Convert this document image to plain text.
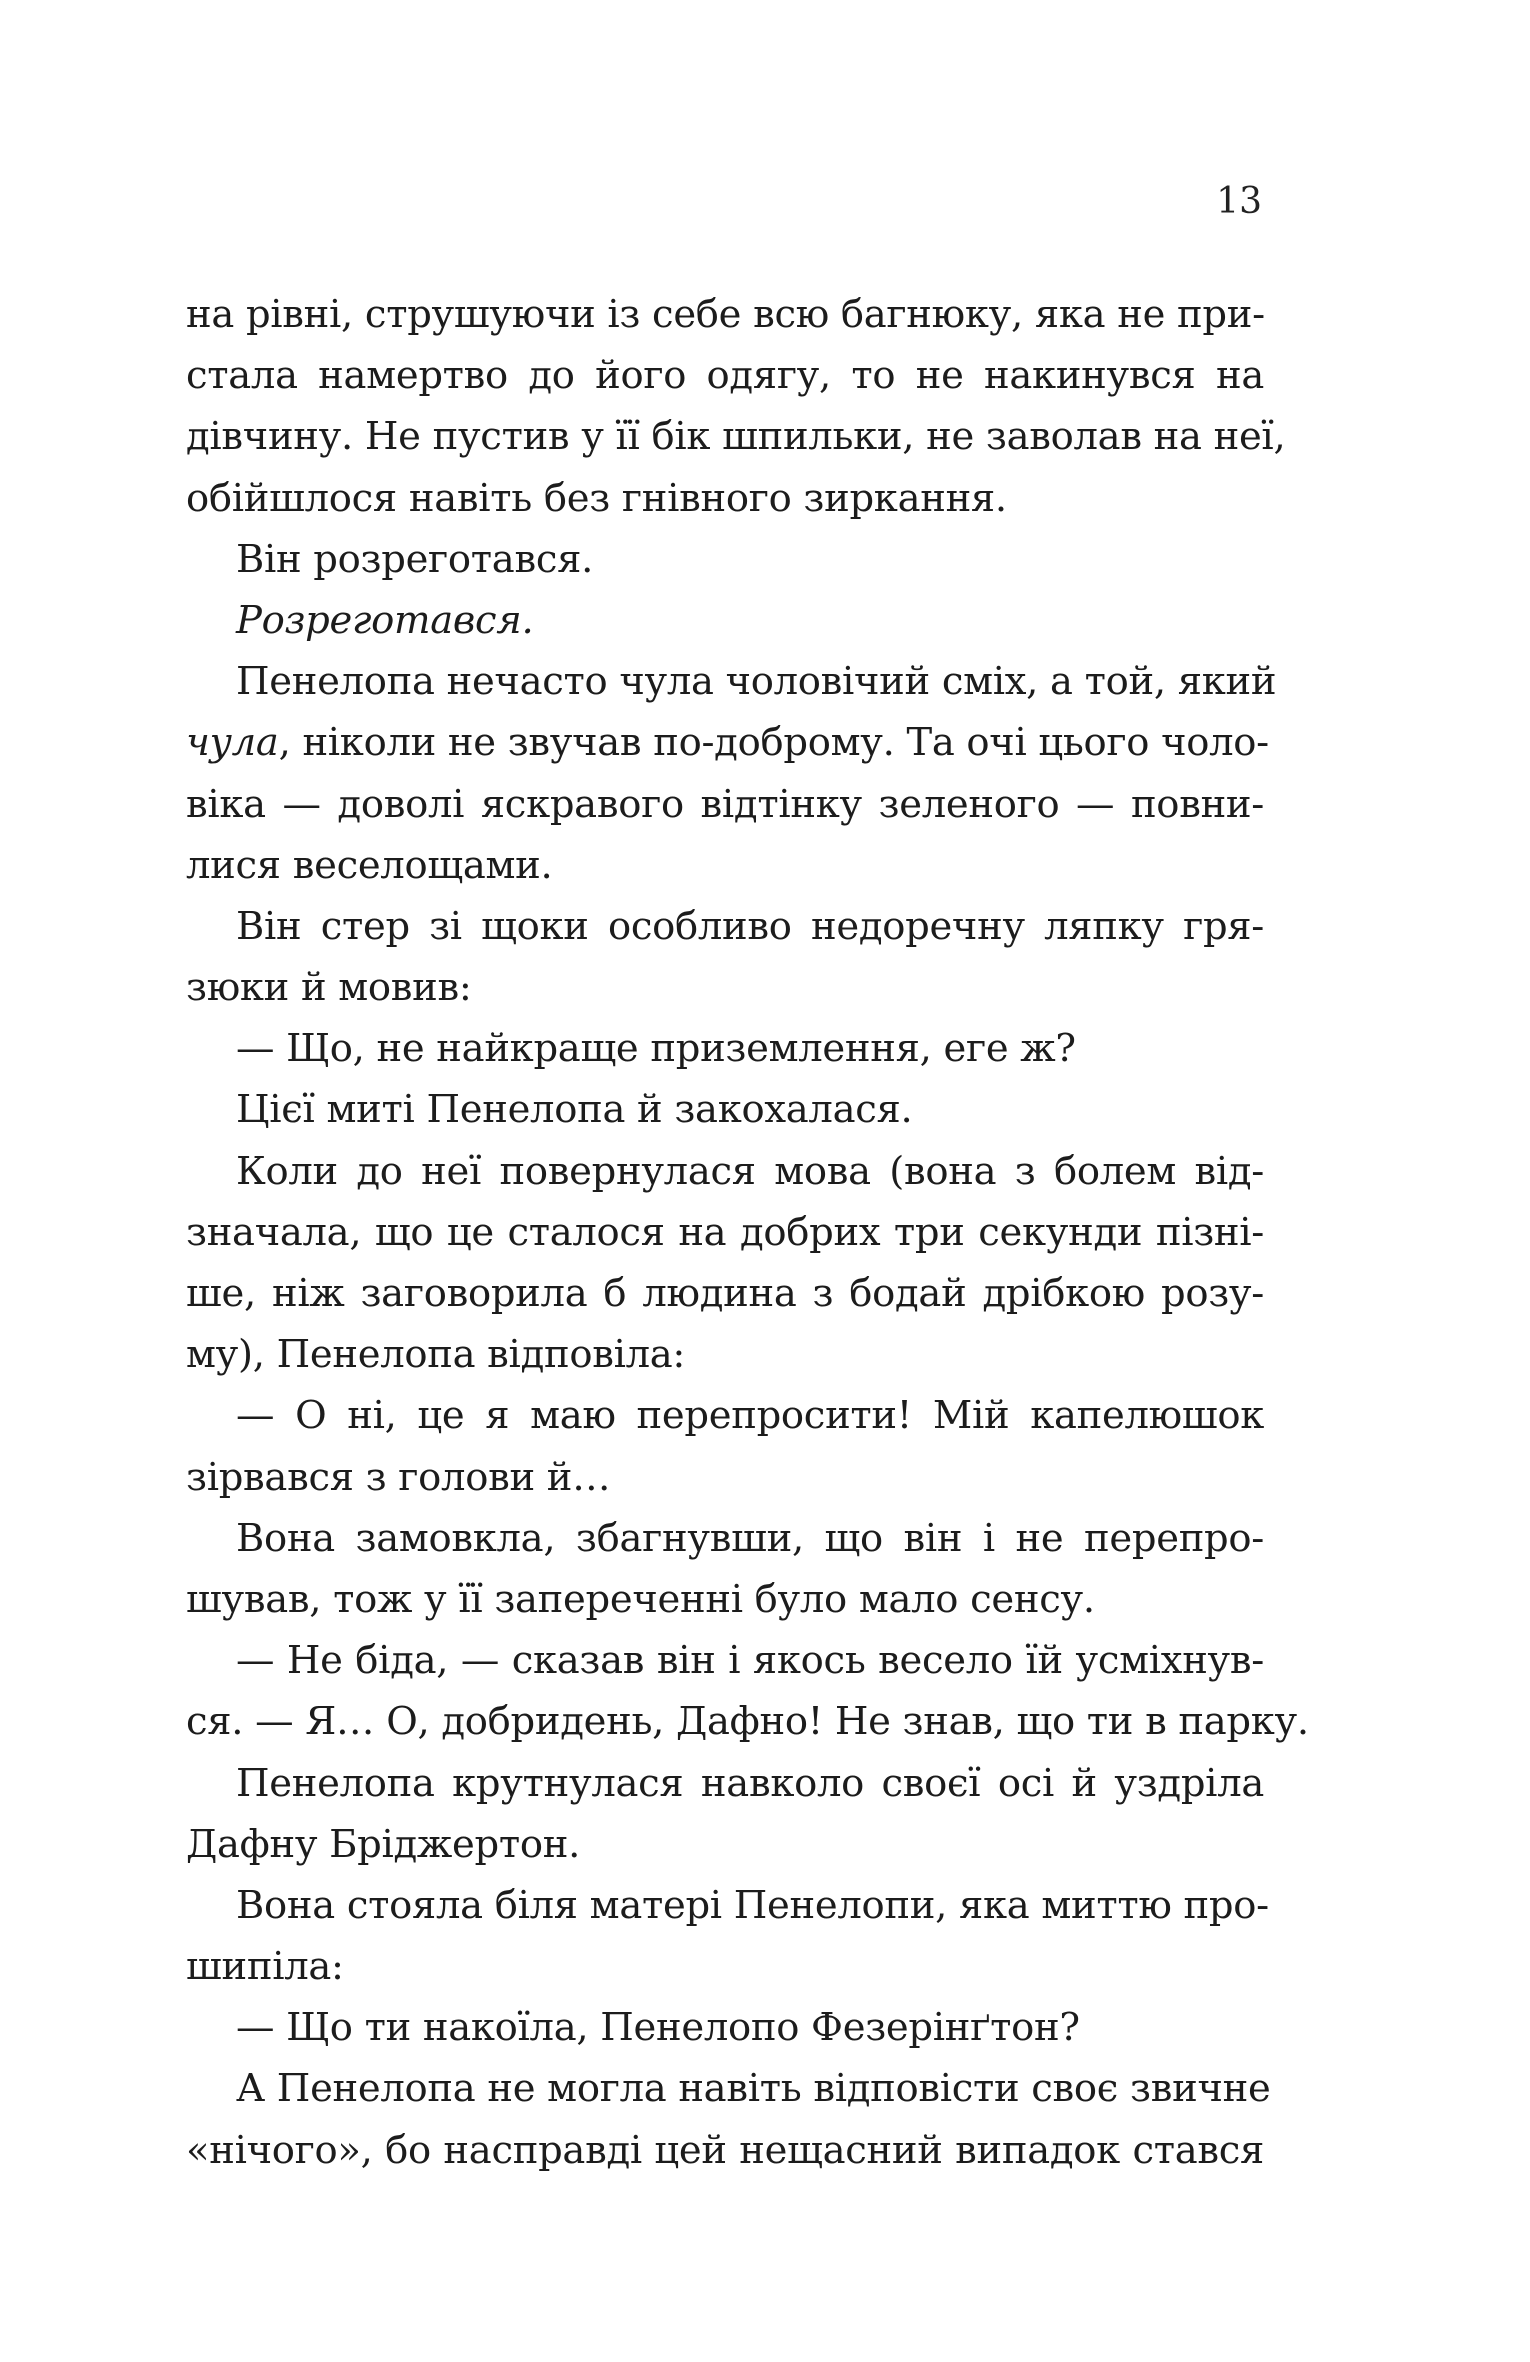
13
на рівні, струшуючи із себе всю багнюку, яка не при-
стала намертво до його одягу, то не накинувся на
дівчину. Не пустив у її бік шпильки, не заволав на неї,
обійшлося навіть без гнівного зиркання.
Він розреготався.
Розреготався.
Пенелопа нечасто чула чоловічий сміх, а той, який
чула, ніколи не звучав по-доброму. Та очі цього чоло-
віка — доволі яскравого відтінку зеленого — повни-
лися веселощами.
Він стер зі щоки особливо недоречну ляпку гря-
зюки й мовив:
— Що, не найкраще приземлення, еге ж?
Цієї миті Пенелопа й закохалася.
Коли до неї повернулася мова (вона з болем від-
значала, що це сталося на добрих три секунди пізні-
ше, ніж заговорила б людина з бодай дрібкою розу-
му), Пенелопа відповіла:
— О ні, це я маю перепросити! Мій капелюшок
зірвався з голови й…
Вона замовкла, збагнувши, що він і не перепро-
шував, тож у її запереченні було мало сенсу.
— Не біда, — сказав він і якось весело їй усміхнув-
ся. — Я… О, добридень, Дафно! Не знав, що ти в парку.
Пенелопа крутнулася навколо своєї осі й уздріла
Дафну Бріджертон.
Вона стояла біля матері Пенелопи, яка миттю про-
шипіла:
— Що ти накоїла, Пенелопо Фезерінґтон?
А Пенелопа не могла навіть відповісти своє звичне
«нічого», бо насправді цей нещасний випадок стався
